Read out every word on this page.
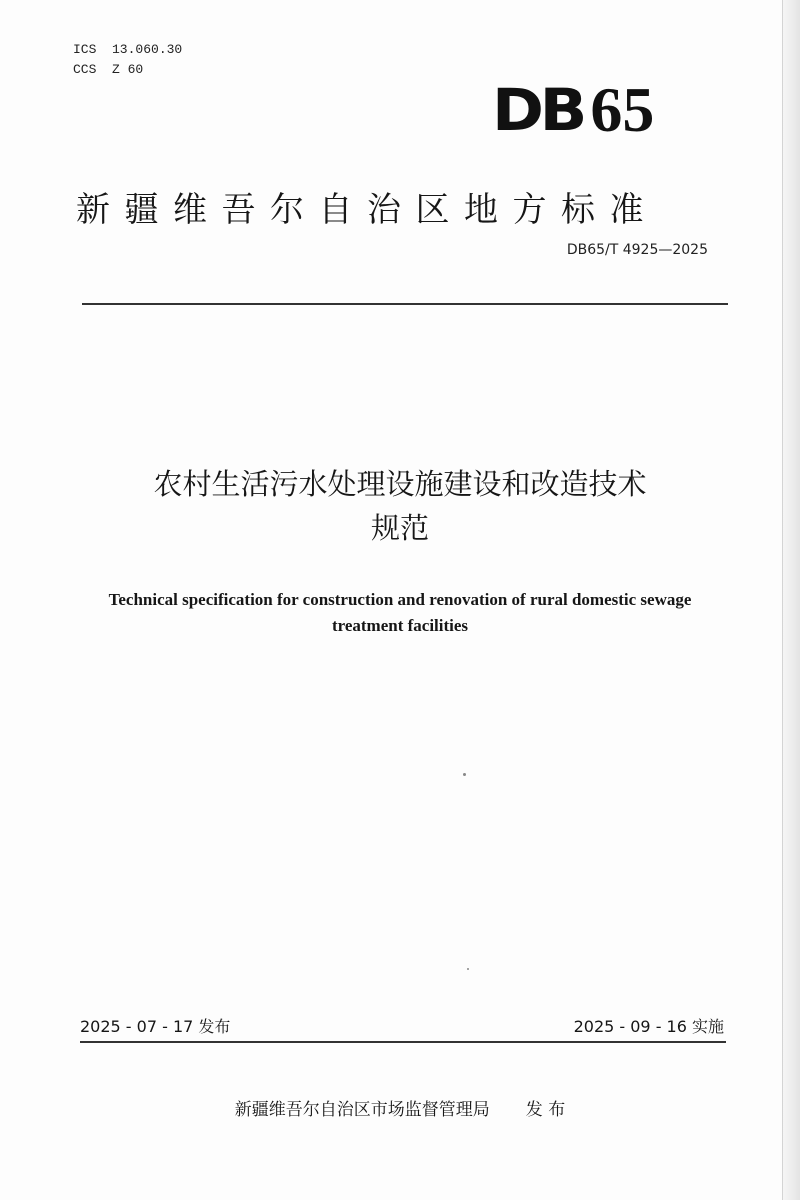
ICS  13.060.30
CCS  Z 60
DB 65
新疆维吾尔自治区地方标准
DB65/T 4925—2025
农村生活污水处理设施建设和改造技术
规范
Technical specification for construction and renovation of rural domestic sewage
treatment facilities
2025 - 07 - 17 发布	2025 - 09 - 16 实施
新疆维吾尔自治区市场监督管理局 发 布
